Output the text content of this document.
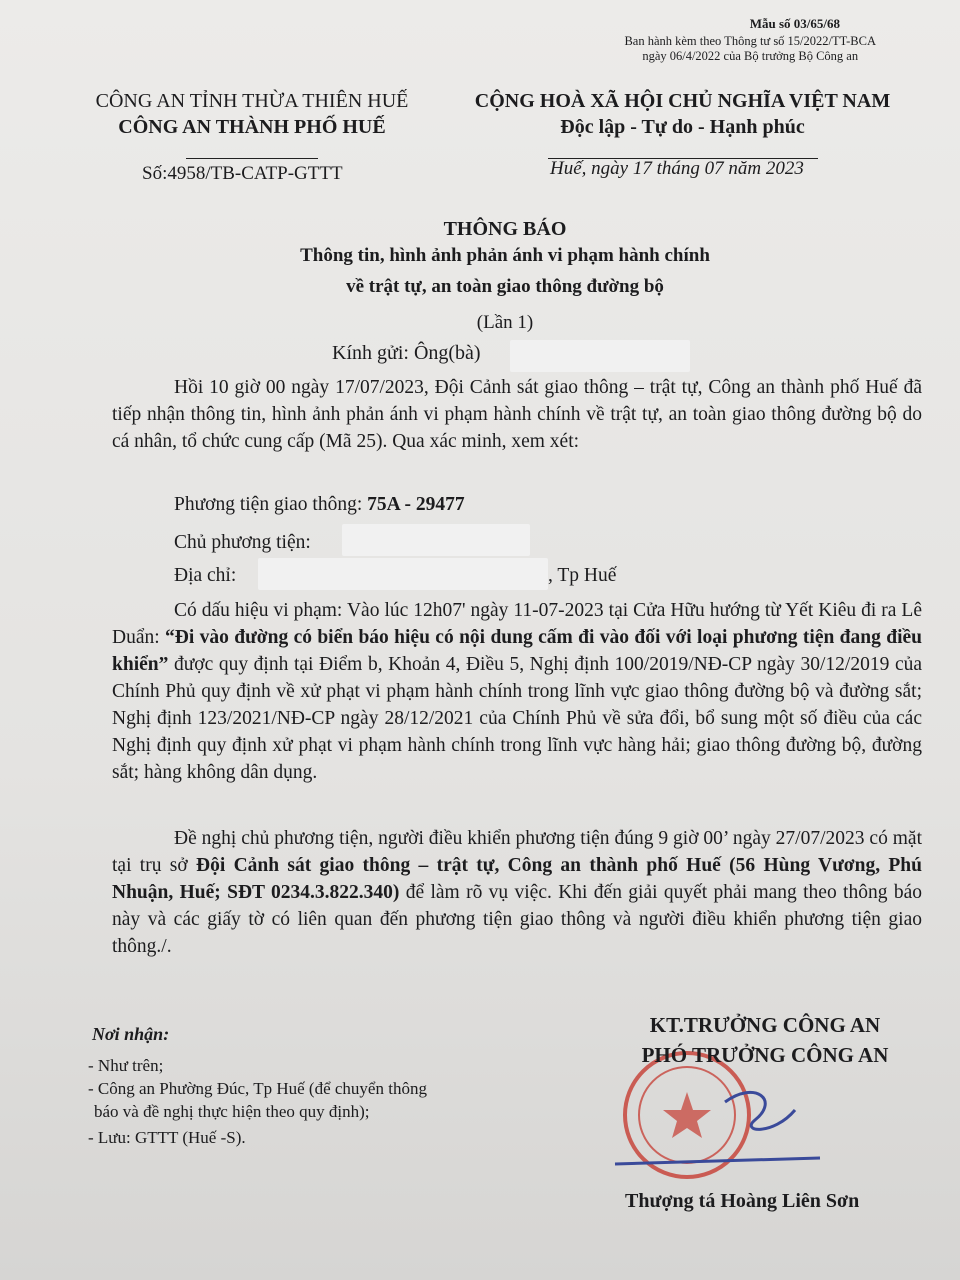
Mẫu số 03/65/68
Ban hành kèm theo Thông tư số 15/2022/TT-BCA
ngày 06/4/2022 của Bộ trưởng Bộ Công an
CÔNG AN TỈNH THỪA THIÊN HUẾ
CÔNG AN THÀNH PHỐ HUẾ
CỘNG HOÀ XÃ HỘI CHỦ NGHĨA VIỆT NAM
Độc lập - Tự do - Hạnh phúc
Số:4958/TB-CATP-GTTT	Huế, ngày 17 tháng 07 năm 2023
THÔNG BÁO
Thông tin, hình ảnh phản ánh vi phạm hành chính
về trật tự, an toàn giao thông đường bộ
(Lần 1)
Kính gửi: Ông(bà)
Hồi 10 giờ 00 ngày 17/07/2023, Đội Cảnh sát giao thông – trật tự, Công an thành phố Huế đã tiếp nhận thông tin, hình ảnh phản ánh vi phạm hành chính về trật tự, an toàn giao thông đường bộ do cá nhân, tổ chức cung cấp (Mã 25). Qua xác minh, xem xét:
Phương tiện giao thông: 75A - 29477
Chủ phương tiện:
Địa chỉ:	, Tp Huế
Có dấu hiệu vi phạm: Vào lúc 12h07' ngày 11-07-2023 tại Cửa Hữu hướng từ Yết Kiêu đi ra Lê Duẩn: “Đi vào đường có biển báo hiệu có nội dung cấm đi vào đối với loại phương tiện đang điều khiển” được quy định tại Điểm b, Khoản 4, Điều 5, Nghị định 100/2019/NĐ-CP ngày 30/12/2019 của Chính Phủ quy định về xử phạt vi phạm hành chính trong lĩnh vực giao thông đường bộ và đường sắt; Nghị định 123/2021/NĐ-CP ngày 28/12/2021 của Chính Phủ về sửa đổi, bổ sung một số điều của các Nghị định quy định xử phạt vi phạm hành chính trong lĩnh vực hàng hải; giao thông đường bộ, đường sắt; hàng không dân dụng.
Đề nghị chủ phương tiện, người điều khiển phương tiện đúng 9 giờ 00’ ngày 27/07/2023 có mặt tại trụ sở Đội Cảnh sát giao thông – trật tự, Công an thành phố Huế (56 Hùng Vương, Phú Nhuận, Huế; SĐT 0234.3.822.340) để làm rõ vụ việc. Khi đến giải quyết phải mang theo thông báo này và các giấy tờ có liên quan đến phương tiện giao thông và người điều khiển phương tiện giao thông./.
Nơi nhận:
- Như trên;
- Công an Phường Đúc, Tp Huế (để chuyển thông
báo và đề nghị thực hiện theo quy định);
- Lưu: GTTT (Huế -S).
KT.TRƯỞNG CÔNG AN
PHÓ TRƯỞNG CÔNG AN
Thượng tá Hoàng Liên Sơn
